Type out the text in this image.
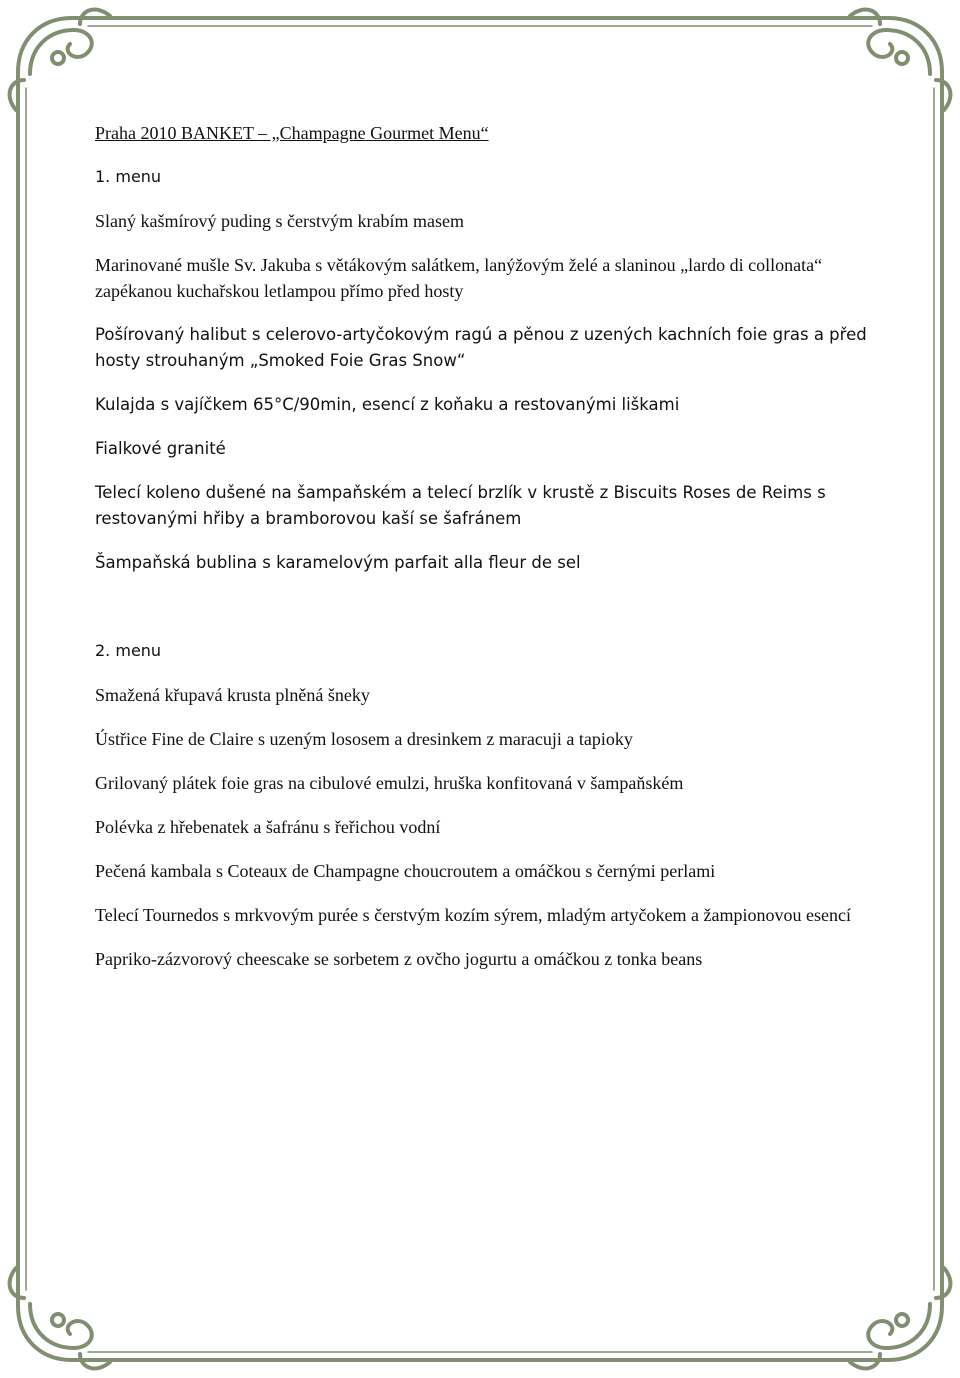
Praha 2010 BANKET – „Champagne Gourmet Menu“
1. menu
Slaný kašmírový puding s čerstvým krabím masem
Marinované mušle Sv. Jakuba s větákovým salátkem, lanýžovým želé a slaninou „lardo di collonata“ zapékanou kuchařskou letlampou přímo před hosty
Pošírovaný halibut s celerovo-artyčokovým ragú a pěnou z uzených kachních foie gras a před hosty strouhaným „Smoked Foie Gras Snow“
Kulajda s vajíčkem 65°C/90min, esencí z koňaku a restovanými liškami
Fialkové granité
Telecí koleno dušené na šampaňském a telecí brzlík v krustě z Biscuits Roses de Reims s restovanými hřiby a bramborovou kaší se šafránem
Šampaňská bublina s karamelovým parfait alla fleur de sel
2. menu
Smažená křupavá krusta plněná šneky
Ústřice Fine de Claire s uzeným lososem a dresinkem z maracuji a tapioky
Grilovaný plátek foie gras na cibulové emulzi, hruška konfitovaná v šampaňském
Polévka z hřebenatek a šafránu s řeřichou vodní
Pečená kambala s Coteaux de Champagne choucroutem a omáčkou s černými perlami
Telecí Tournedos s mrkvovým purée s čerstvým kozím sýrem, mladým artyčokem a žampionovou esencí
Papriko-zázvorový cheescake se sorbetem z ovčho jogurtu a omáčkou z tonka beans
